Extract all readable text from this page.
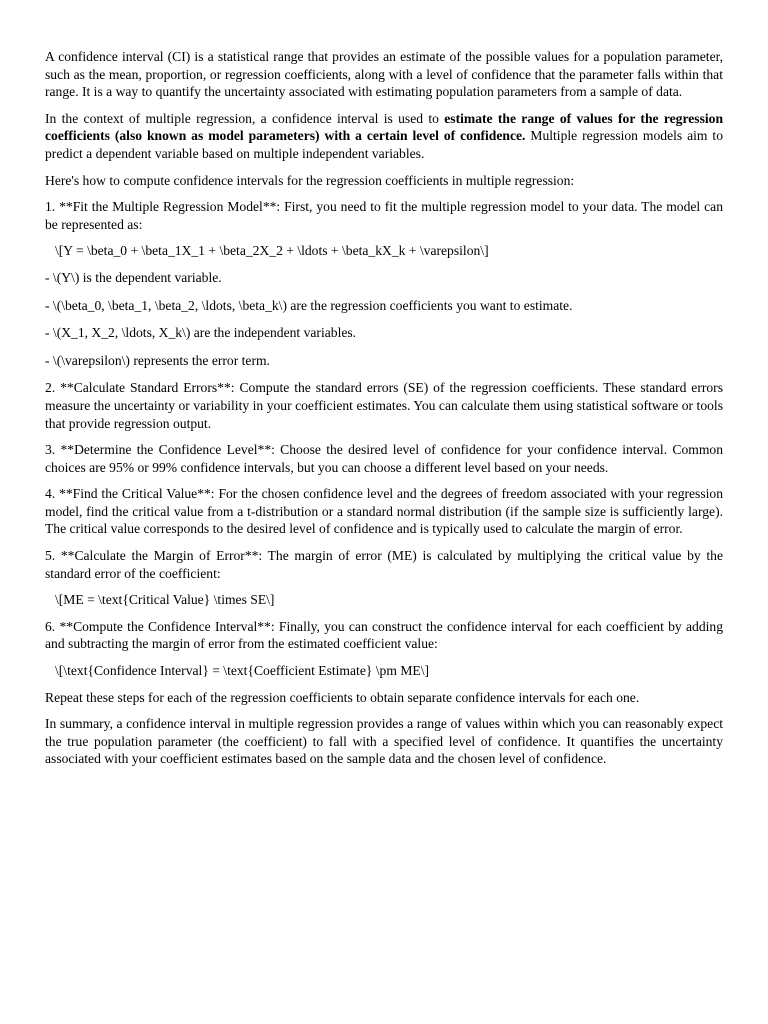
A confidence interval (CI) is a statistical range that provides an estimate of the possible values for a population parameter, such as the mean, proportion, or regression coefficients, along with a level of confidence that the parameter falls within that range. It is a way to quantify the uncertainty associated with estimating population parameters from a sample of data.

In the context of multiple regression, a confidence interval is used to estimate the range of values for the regression coefficients (also known as model parameters) with a certain level of confidence. Multiple regression models aim to predict a dependent variable based on multiple independent variables.

Here's how to compute confidence intervals for the regression coefficients in multiple regression:

1. **Fit the Multiple Regression Model**: First, you need to fit the multiple regression model to your data. The model can be represented as:

\[Y = \beta_0 + \beta_1X_1 + \beta_2X_2 + \ldots + \beta_kX_k + \varepsilon\]

- \(Y\) is the dependent variable.

- \(\beta_0, \beta_1, \beta_2, \ldots, \beta_k\) are the regression coefficients you want to estimate.

- \(X_1, X_2, \ldots, X_k\) are the independent variables.

- \(\varepsilon\) represents the error term.

2. **Calculate Standard Errors**: Compute the standard errors (SE) of the regression coefficients. These standard errors measure the uncertainty or variability in your coefficient estimates. You can calculate them using statistical software or tools that provide regression output.

3. **Determine the Confidence Level**: Choose the desired level of confidence for your confidence interval. Common choices are 95% or 99% confidence intervals, but you can choose a different level based on your needs.

4. **Find the Critical Value**: For the chosen confidence level and the degrees of freedom associated with your regression model, find the critical value from a t-distribution or a standard normal distribution (if the sample size is sufficiently large). The critical value corresponds to the desired level of confidence and is typically used to calculate the margin of error.

5. **Calculate the Margin of Error**: The margin of error (ME) is calculated by multiplying the critical value by the standard error of the coefficient:

\[ME = \text{Critical Value} \times SE\]

6. **Compute the Confidence Interval**: Finally, you can construct the confidence interval for each coefficient by adding and subtracting the margin of error from the estimated coefficient value:

\[\text{Confidence Interval} = \text{Coefficient Estimate} \pm ME\]

Repeat these steps for each of the regression coefficients to obtain separate confidence intervals for each one.

In summary, a confidence interval in multiple regression provides a range of values within which you can reasonably expect the true population parameter (the coefficient) to fall with a specified level of confidence. It quantifies the uncertainty associated with your coefficient estimates based on the sample data and the chosen level of confidence.
